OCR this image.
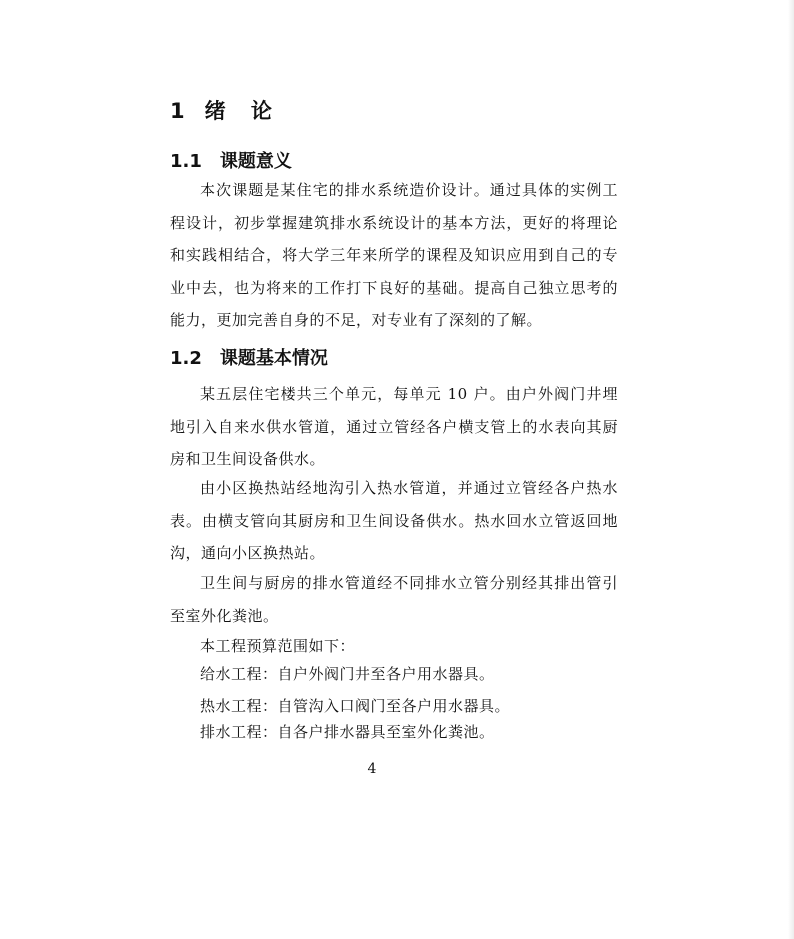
1 绪 论
1.1 课题意义

本次课题是某住宅的排水系统造价设计。通过具体的实例工程设计，初步掌握建筑排水系统设计的基本方法，更好的将理论和实践相结合，将大学三年来所学的课程及知识应用到自己的专业中去，也为将来的工作打下良好的基础。提高自己独立思考的能力，更加完善自身的不足，对专业有了深刻的了解。

1.2 课题基本情况

某五层住宅楼共三个单元，每单元 10 户。由户外阀门井埋地引入自来水供水管道，通过立管经各户横支管上的水表向其厨房和卫生间设备供水。

由小区换热站经地沟引入热水管道，并通过立管经各户热水表。由横支管向其厨房和卫生间设备供水。热水回水立管返回地沟，通向小区换热站。

卫生间与厨房的排水管道经不同排水立管分别经其排出管引至室外化粪池。

本工程预算范围如下：

给水工程：自户外阀门井至各户用水器具。

热水工程：自管沟入口阀门至各户用水器具。

排水工程：自各户排水器具至室外化粪池。

4
